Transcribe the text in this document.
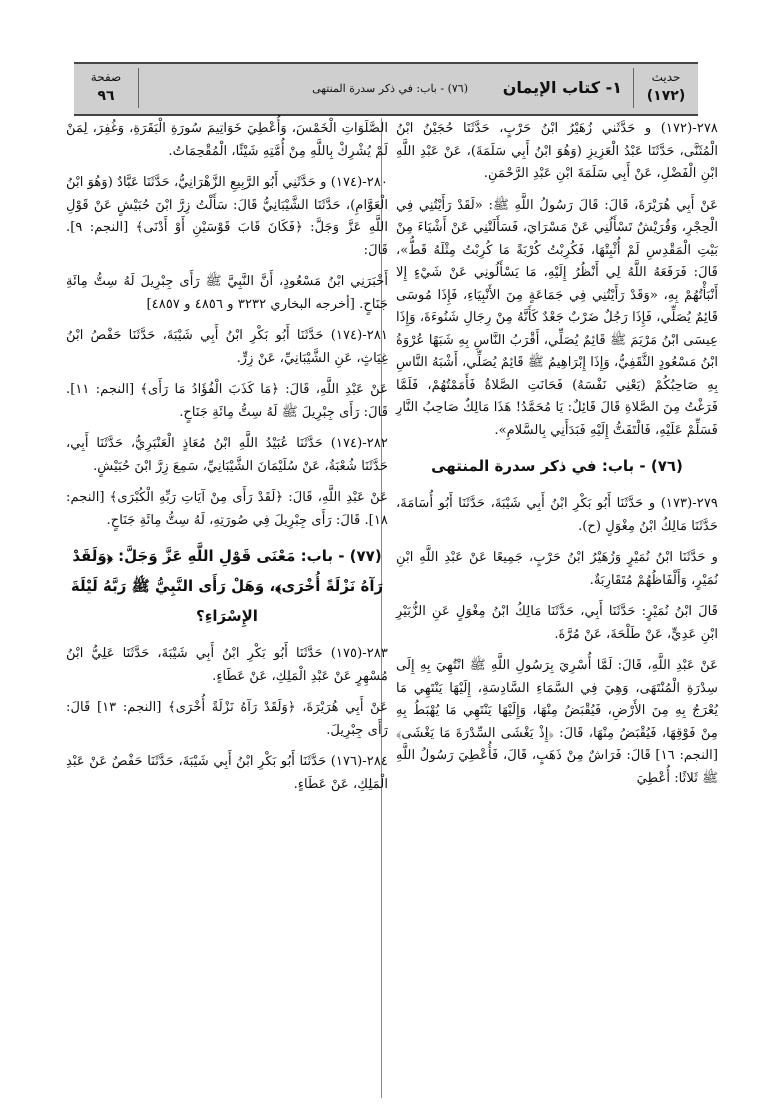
حديث
(١٧٢)
١- كتاب الإيمان
(٧٦) - باب: في ذكر سدرة المنتهى
صفحة
٩٦

٢٧٨-(١٧٢) و حَدَّثَني زُهَيْرُ ابْنُ حَرْبٍ، حَدَّثَنَا حُجَيْنُ ابْنُ الْمُثَنَّى، حَدَّثَنَا عَبْدُ الْعَزِيزِ (وَهُوَ ابْنُ أَبِي سَلَمَةَ)، عَنْ عَبْدِ اللَّهِ ابْنِ الْفَضْلِ، عَنْ أَبِي سَلَمَةَ ابْنِ عَبْدِ الرَّحْمَنِ.

عَنْ أَبِي هُرَيْرَةَ، قَالَ: قَالَ رَسُولُ اللَّهِ ﷺ: «لَقَدْ رَأَيْتُنِي فِي الْحِجْرِ، وَقُرَيْشٌ تَسْأَلُنِي عَنْ مَسْرَايَ، فَسَأَلَتْنِي عَنْ أَشْيَاءَ مِنْ بَيْتِ الْمَقْدِسِ لَمْ أُثْبِتْهَا، فَكُرِبْتُ كُرْبَةً مَا كُرِبْتُ مِثْلَهُ قَطُّ»، قَالَ: فَرَفَعَهُ اللَّهُ لِي أَنْظُرُ إِلَيْهِ، مَا يَسْأَلُونِي عَنْ شَيْءٍ إِلا أَنْبَأْتُهُمْ بِهِ، «وَقَدْ رَأَيْتُنِي فِي جَمَاعَةٍ مِنَ الأَنْبِيَاءِ، فَإِذَا مُوسَى قَائِمٌ يُصَلِّي، فَإِذَا رَجُلٌ ضَرْبٌ جَعْدٌ كَأَنَّهُ مِنْ رِجَالِ شَنُوءَةَ، وَإِذَا عِيسَى ابْنُ مَرْيَمَ ﷺ قَائِمٌ يُصَلِّي، أَقْرَبُ النَّاسِ بِهِ شَبَهًا عُرْوَةُ ابْنُ مَسْعُودٍ الثَّقَفِيُّ، وَإِذَا إِبْرَاهِيمُ ﷺ قَائِمٌ يُصَلِّي، أَشْبَهُ النَّاسِ بِهِ صَاحِبُكُمْ (يَعْنِي نَفْسَهُ) فَحَانَتِ الصَّلاةُ فَأَمَمْتُهُمْ، فَلَمَّا فَرَغْتُ مِنَ الصَّلاةِ قَالَ قَائِلٌ: يَا مُحَمَّدُ! هَذَا مَالِكٌ صَاحِبُ النَّارِ فَسَلِّمْ عَلَيْهِ، فَالْتَفَتُّ إِلَيْهِ فَبَدَأَنِي بِالسَّلامِ».

(٧٦) - باب: في ذكر سدرة المنتهى

٢٧٩-(١٧٣) و حَدَّثَنَا أَبُو بَكْرِ ابْنُ أَبِي شَيْبَةَ، حَدَّثَنَا أَبُو أُسَامَةَ، حَدَّثَنَا مَالِكُ ابْنُ مِغْوَلٍ (ح).

و حَدَّثَنَا ابْنُ نُمَيْرٍ وَزُهَيْرُ ابْنُ حَرْبٍ، جَمِيعًا عَنْ عَبْدِ اللَّهِ ابْنِ نُمَيْرٍ، وَأَلْفَاظُهُمْ مُتَقَارِبَةٌ.

قَالَ ابْنُ نُمَيْرٍ: حَدَّثَنَا أَبِي، حَدَّثَنَا مَالِكُ ابْنُ مِغْوَلٍ عَنِ الزُّبَيْرِ ابْنِ عَدِيٍّ، عَنْ طَلْحَةَ، عَنْ مُرَّةَ.

عَنْ عَبْدِ اللَّهِ، قَالَ: لَمَّا أُسْرِيَ بِرَسُولِ اللَّهِ ﷺ انْتُهِيَ بِهِ إِلَى سِدْرَةِ الْمُنْتَهَى، وَهِيَ فِي السَّمَاءِ السَّادِسَةِ، إِلَيْهَا يَنْتَهِي مَا يُعْرَجُ بِهِ مِنَ الأَرْضِ، فَيُقْبَضُ مِنْهَا، وَإِلَيْهَا يَنْتَهِي مَا يُهْبَطُ بِهِ مِنْ فَوْقِهَا، فَيُقْبَضُ مِنْهَا، قَالَ: ﴿إِذْ يَغْشَى السِّدْرَةَ مَا يَغْشَى﴾ [النجم: ١٦] قَالَ: فَرَاشٌ مِنْ ذَهَبٍ، قَالَ، فَأُعْطِيَ رَسُولُ اللَّهِ ﷺ ثَلاثًا: أُعْطِيَ

الصَّلَوَاتِ الْخَمْسَ، وَأُعْطِيَ خَوَاتِيمَ سُورَةِ الْبَقَرَةِ، وَغُفِرَ، لِمَنْ لَمْ يُشْرِكْ بِاللَّهِ مِنْ أُمَّتِهِ شَيْئًا، الْمُقْحِمَاتُ.

٢٨٠-(١٧٤) و حَدَّثَنِي أَبُو الرَّبِيعِ الزَّهْرَانِيُّ، حَدَّثَنَا عَبَّادٌ (وَهُوَ ابْنُ الْعَوَّامِ)، حَدَّثَنَا الشَّيْبَانِيُّ قَالَ: سَأَلْتُ زِرَّ ابْنَ حُبَيْشٍ عَنْ قَوْلِ اللَّهِ عَزَّ وَجَلَّ: ﴿فَكَانَ قَابَ قَوْسَيْنِ أَوْ أَدْنَى﴾ [النجم: ٩]. قَالَ:

أَخْبَرَنِي ابْنُ مَسْعُودٍ، أَنَّ النَّبِيَّ ﷺ رَأَى جِبْرِيلَ لَهُ سِتُّ مِائَةِ جَنَاحٍ. [أخرجه البخاري ٣٢٣٢ و ٤٨٥٦ و ٤٨٥٧]

٢٨١-(١٧٤) حَدَّثَنَا أَبُو بَكْرِ ابْنُ أَبِي شَيْبَةَ، حَدَّثَنَا حَفْصُ ابْنُ غِيَاثٍ، عَنِ الشَّيْبَانِيِّ، عَنْ زِرٍّ.

عَنْ عَبْدِ اللَّهِ، قَالَ: ﴿مَا كَذَبَ الْفُؤَادُ مَا رَأَى﴾ [النجم: ١١]. قَالَ: رَأَى جِبْرِيلَ ﷺ لَهُ سِتُّ مِائَةِ جَنَاحٍ.

٢٨٢-(١٧٤) حَدَّثَنَا عُبَيْدُ اللَّهِ ابْنُ مُعَاذٍ الْعَنْبَرِيُّ، حَدَّثَنَا أَبِي، حَدَّثَنَا شُعْبَةُ، عَنْ سُلَيْمَانَ الشَّيْبَانِيِّ، سَمِعَ زِرَّ ابْنَ حُبَيْشٍ.

عَنْ عَبْدِ اللَّهِ، قَالَ: ﴿لَقَدْ رَأَى مِنْ آيَاتِ رَبِّهِ الْكُبْرَى﴾ [النجم: ١٨]. قَالَ: رَأَى جِبْرِيلَ فِي صُورَتِهِ، لَهُ سِتُّ مِائَةِ جَنَاحٍ.

(٧٧) - باب: مَعْنَى قَوْلِ اللَّهِ عَزَّ وَجَلَّ: ﴿وَلَقَدْ رَآهُ نَزْلَةً أُخْرَى﴾، وَهَلْ رَأَى النَّبِيُّ ﷺ رَبَّهُ لَيْلَةَ الإِسْرَاءِ؟

٢٨٣-(١٧٥) حَدَّثَنَا أَبُو بَكْرِ ابْنُ أَبِي شَيْبَةَ، حَدَّثَنَا عَلِيُّ ابْنُ مُسْهِرٍ عَنْ عَبْدِ الْمَلِكِ، عَنْ عَطَاءٍ.

عَنْ أَبِي هُرَيْرَةَ، ﴿وَلَقَدْ رَآهُ نَزْلَةً أُخْرَى﴾ [النجم: ١٣] قَالَ: رَأَى جِبْرِيلَ.

٢٨٤-(١٧٦) حَدَّثَنَا أَبُو بَكْرِ ابْنُ أَبِي شَيْبَةَ، حَدَّثَنَا حَفْصٌ عَنْ عَبْدِ الْمَلِكِ، عَنْ عَطَاءٍ.
